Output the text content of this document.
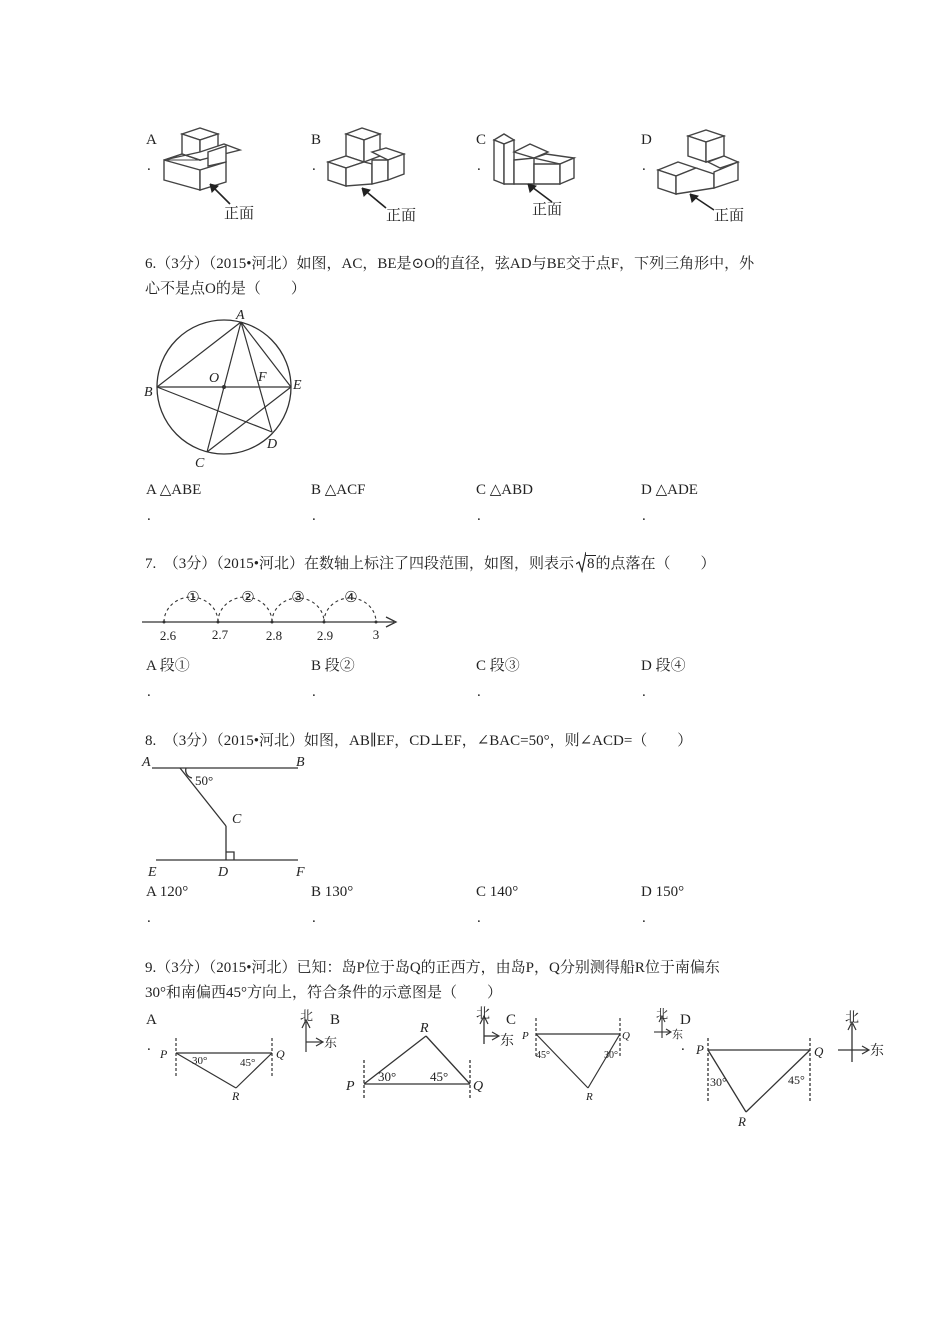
A
.
正面
B
.
正面
C
.
正面
D
.
正面
6.（3分）（2015•河北）如图，AC，BE是⊙O的直径，弦AD与BE交于点F，下列三角形中，外
心不是点O的是（　　）
A
B
C
D
E
F
O
A △ABE
.
B △ACF
.
C △ABD
.
D △ADE
.
7.　（3分）（2015•河北）在数轴上标注了四段范围，如图，则表示 8的点落在（　　）
2.6	2.7	2.8	2.9	3
①	② ③	④
A 段①
.
B 段②
.
C 段③
.
D 段④
.
8.　（3分）（2015•河北）如图，AB∥EF，CD⊥EF，∠BAC=50°，则∠ACD=（　　）
A	B
C
D
E	F
50°
A 120°
.
B 130°
.
C 140°
.
D 150°
.
9.（3分）（2015•河北）已知：岛P位于岛Q的正西方，由岛P，Q分别测得船R位于南偏东
30°和南偏西45°方向上，符合条件的示意图是（　　）
A
.
北
东
P	Q
R
30°	45°
B	北
东
P	Q
R
30°	45°
C
P	Q
R
45°	30°
北
东
D
.
北
东
P	Q
R
30°	45°
